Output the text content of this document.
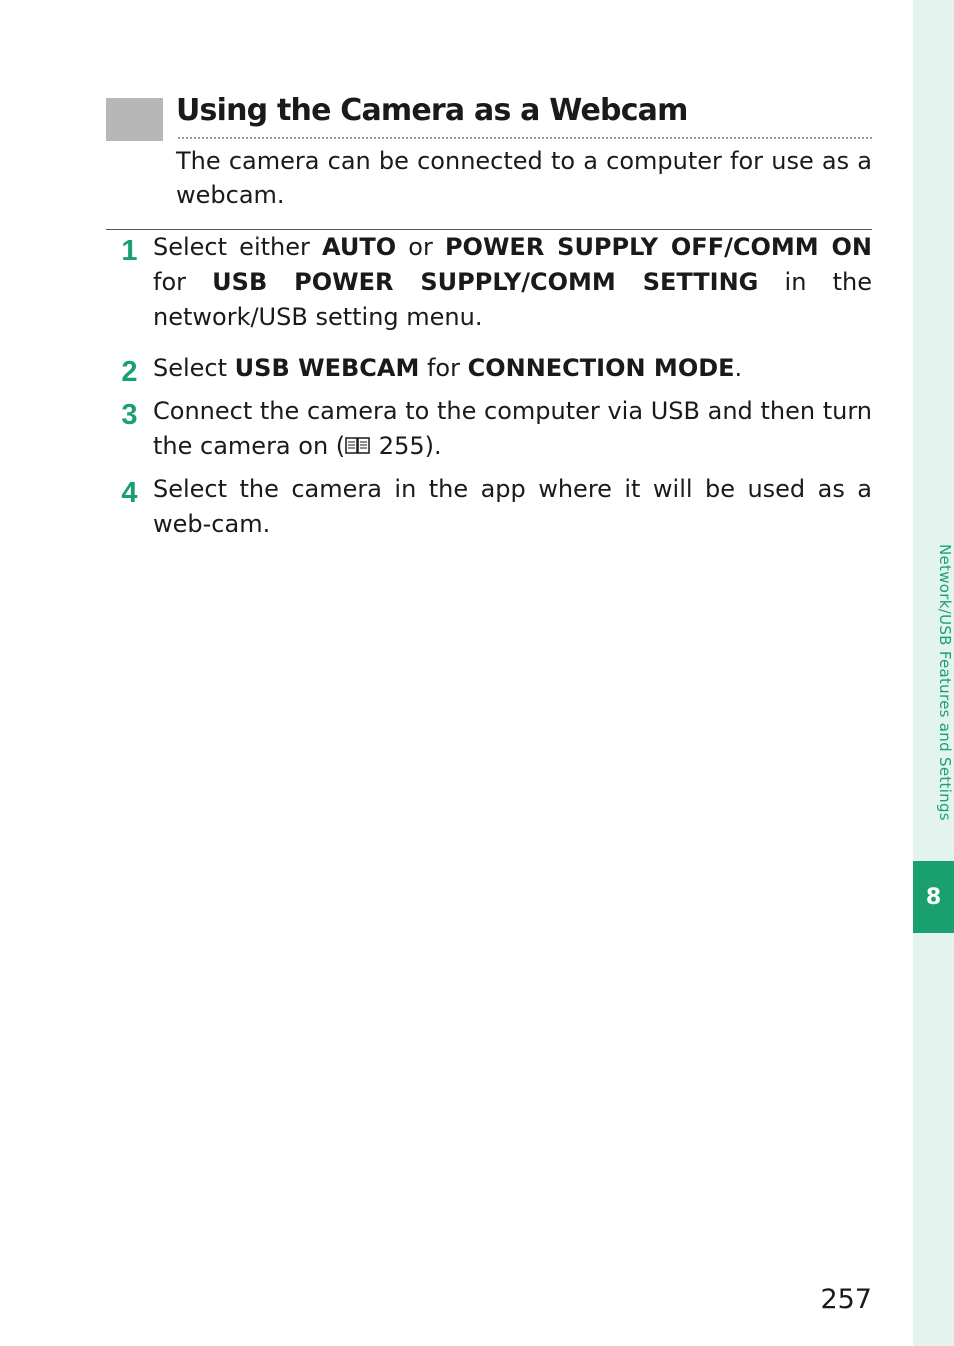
Network/USB Features and Settings
8
Using the Camera as a Webcam

The camera can be connected to a computer for use as a webcam.

1 Select either AUTO or POWER SUPPLY OFF/COMM ON for USB POWER SUPPLY/COMM SETTING in the network/USB setting menu.

2 Select USB WEBCAM for CONNECTION MODE.

3 Connect the camera to the computer via USB and then turn the camera on ( 255).

4 Select the camera in the app where it will be used as a web-cam.

257
